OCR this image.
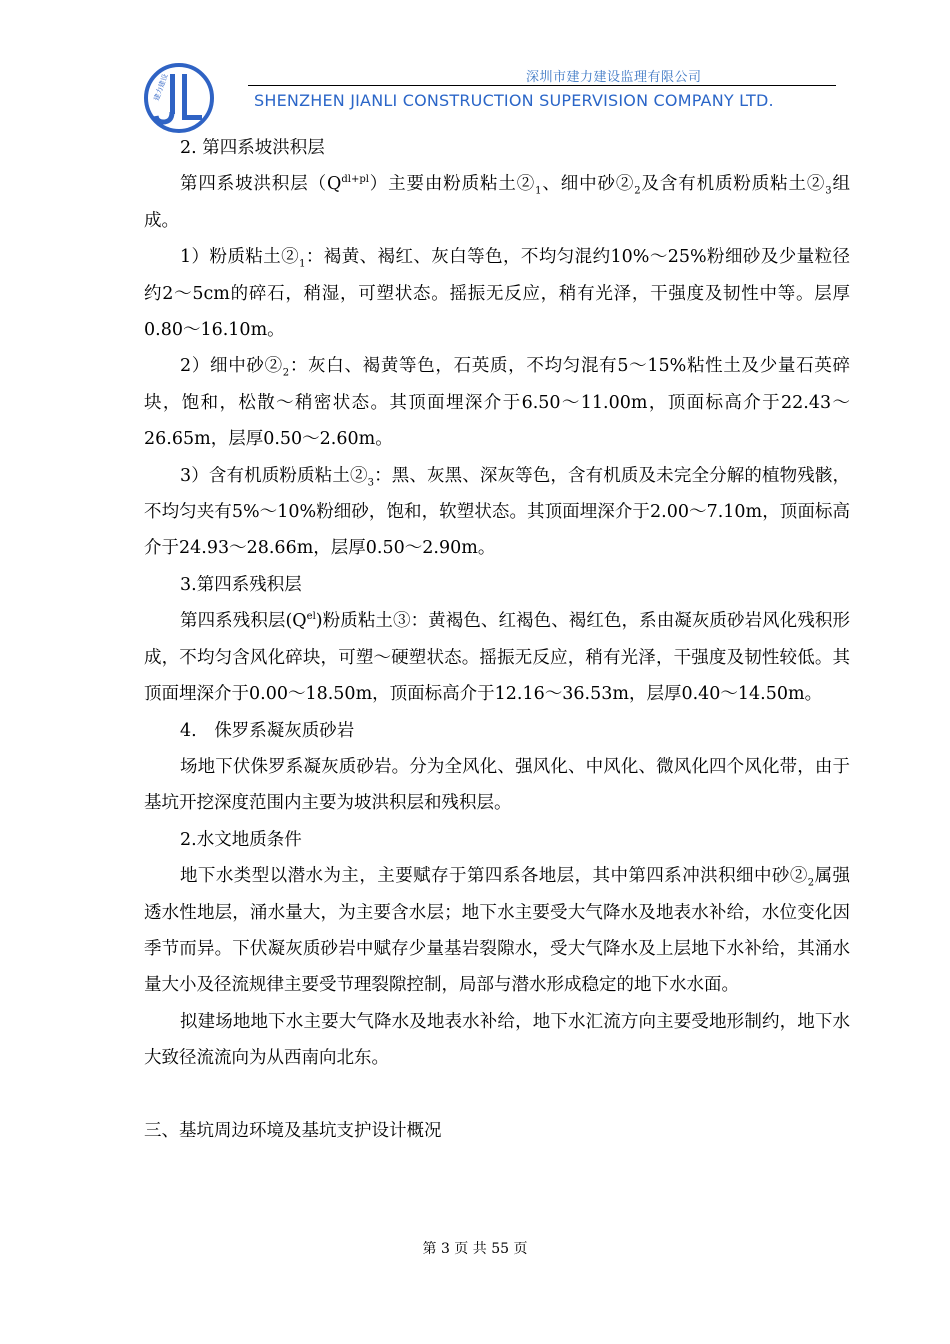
建力建设	深圳市建力建设监理有限公司
SHENZHEN JIANLI CONSTRUCTION SUPERVISION COMPANY LTD.

2. 第四系坡洪积层

第四系坡洪积层$(Q^{dl+pl})$主要由粉质粘土$②_1$、细中砂$②_2$及含有机质粉质粘土$②_3$组成。

1）粉质粘土$②_1$：褐黄、褐红、灰白等色，不均匀混约10%～25%粉细砂及少量粒径约2～5cm的碎石，稍湿，可塑状态。摇振无反应，稍有光泽，干强度及韧性中等。层厚0.80～16.10m。

2）细中砂$②_2$：灰白、褐黄等色，石英质，不均匀混有5～15%粘性土及少量石英碎块，饱和，松散～稍密状态。其顶面埋深介于6.50～11.00m，顶面标高介于22.43～26.65m，层厚0.50～2.60m。

3）含有机质粉质粘土$②_3$：黑、灰黑、深灰等色，含有机质及未完全分解的植物残骸，不均匀夹有5%～10%粉细砂，饱和，软塑状态。其顶面埋深介于2.00～7.10m，顶面标高介于24.93～28.66m，层厚0.50～2.90m。

3.第四系残积层

第四系残积层$(Q^{el})$粉质粘土③：黄褐色、红褐色、褐红色，系由凝灰质砂岩风化残积形成，不均匀含风化碎块，可塑～硬塑状态。摇振无反应，稍有光泽，干强度及韧性较低。其顶面埋深介于0.00～18.50m，顶面标高介于12.16～36.53m，层厚0.40～14.50m。

4.　侏罗系凝灰质砂岩

场地下伏侏罗系凝灰质砂岩。分为全风化、强风化、中风化、微风化四个风化带，由于基坑开挖深度范围内主要为坡洪积层和残积层。

2.水文地质条件

地下水类型以潜水为主，主要赋存于第四系各地层，其中第四系冲洪积细中砂$②_2$属强透水性地层，涌水量大，为主要含水层；地下水主要受大气降水及地表水补给，水位变化因季节而异。下伏凝灰质砂岩中赋存少量基岩裂隙水，受大气降水及上层地下水补给，其涌水量大小及径流规律主要受节理裂隙控制，局部与潜水形成稳定的地下水水面。

拟建场地地下水主要大气降水及地表水补给，地下水汇流方向主要受地形制约，地下水大致径流流向为从西南向北东。

三、基坑周边环境及基坑支护设计概况

第 3 页 共 55 页
